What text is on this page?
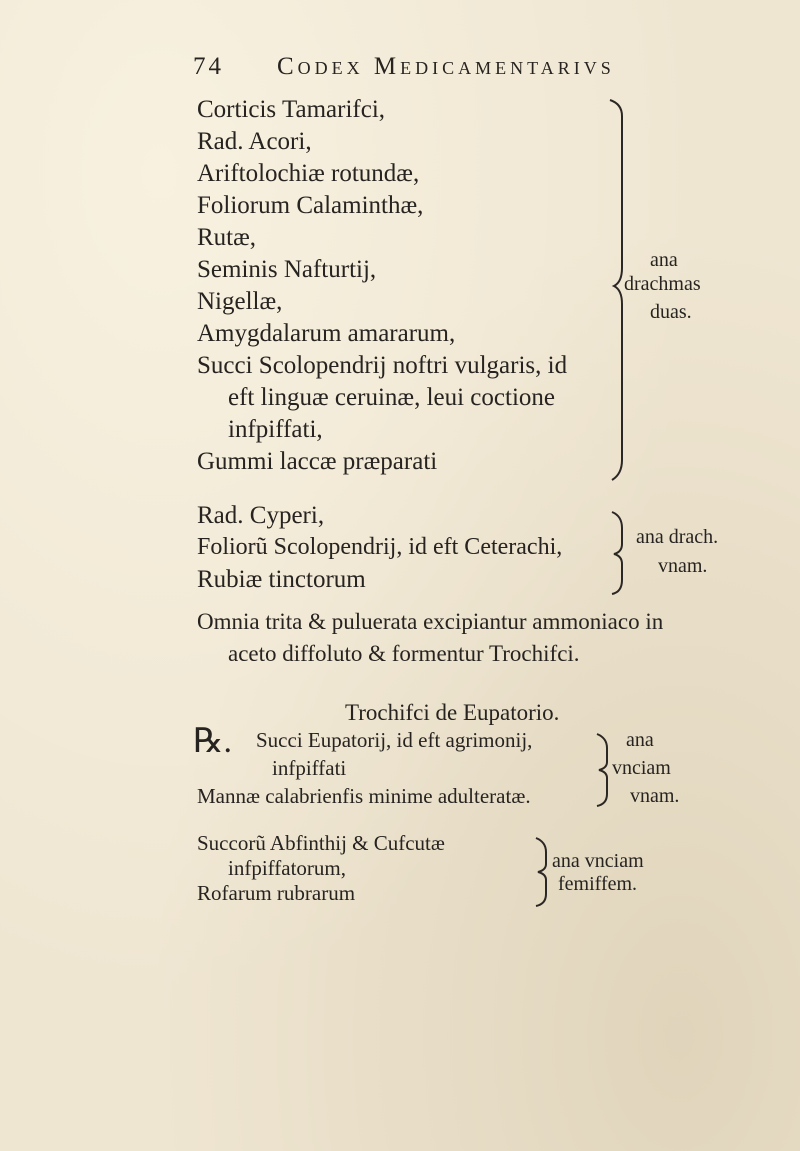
74 Codex Medicamentarivs
Corticis Tamarifci,
Rad. Acori,
Ariftolochiæ rotundæ,
Foliorum Calaminthæ,
Rutæ,
Seminis Nafturtij,
Nigellæ,
Amygdalarum amararum,
Succi Scolopendrij noftri vulgaris, id
eft linguæ ceruinæ, leui coctione
infpiffati,
Gummi laccæ præparati
ana
drachmas
duas.
Rad. Cyperi,
Foliorũ Scolopendrij, id eft Ceterachi,
Rubiæ tinctorum
ana drach.
vnam.
Omnia trita & puluerata excipiantur ammoniaco in
aceto diffoluto & formentur Trochifci.
Trochifci de Eupatorio.
℞. Succi Eupatorij, id eft agrimonij,
infpiffati
Mannæ calabrienfis minime adulteratæ.
ana
vnciam
vnam.
Succorũ Abfinthij & Cufcutæ
infpiffatorum,
Rofarum rubrarum
ana vnciam
femiffem.
